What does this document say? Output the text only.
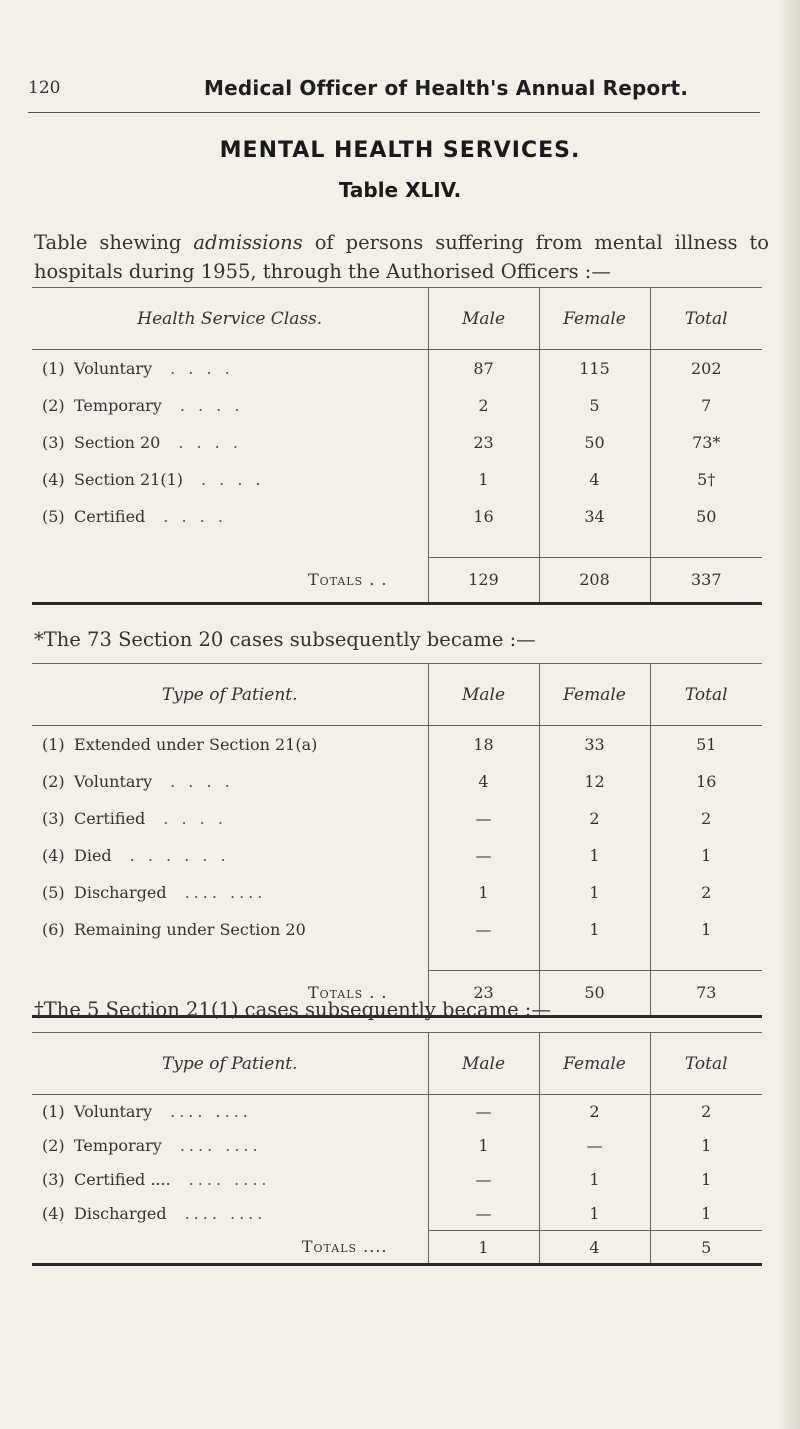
120	Medical Officer of Health's Annual Report.
MENTAL HEALTH SERVICES.
Table XLIV.

Table shewing admissions of persons suffering from mental illness to hospitals during 1955, through the Authorised Officers :—

Health Service Class.	Male	Female	Total
(1) Voluntary . . . .	87	115	202
(2) Temporary . . . .	2	5	7
(3) Section 20 . . . .	23	50	73*
(4) Section 21(1) . . . .	1	4	5†
(5) Certified . . . .	16	34	50

Totals . .	129	208	337
*The 73 Section 20 cases subsequently became :—
Type of Patient.	Male	Female	Total
(1) Extended under Section 21(a)	18	33	51
(2) Voluntary . . . .	4	12	16
(3) Certified . . . .	—	2	2
(4) Died . . . . . .	—	1	1
(5) Discharged .... ....	1	1	2
(6) Remaining under Section 20	—	1	1

Totals . .	23	50	73
†The 5 Section 21(1) cases subsequently became :—
Type of Patient.	Male	Female	Total
(1) Voluntary .... ....	—	2	2
(2) Temporary .... ....	1	—	1
(3) Certified .... .... ....	—	1	1
(4) Discharged .... ....	—	1	1
Totals ....	1	4	5
